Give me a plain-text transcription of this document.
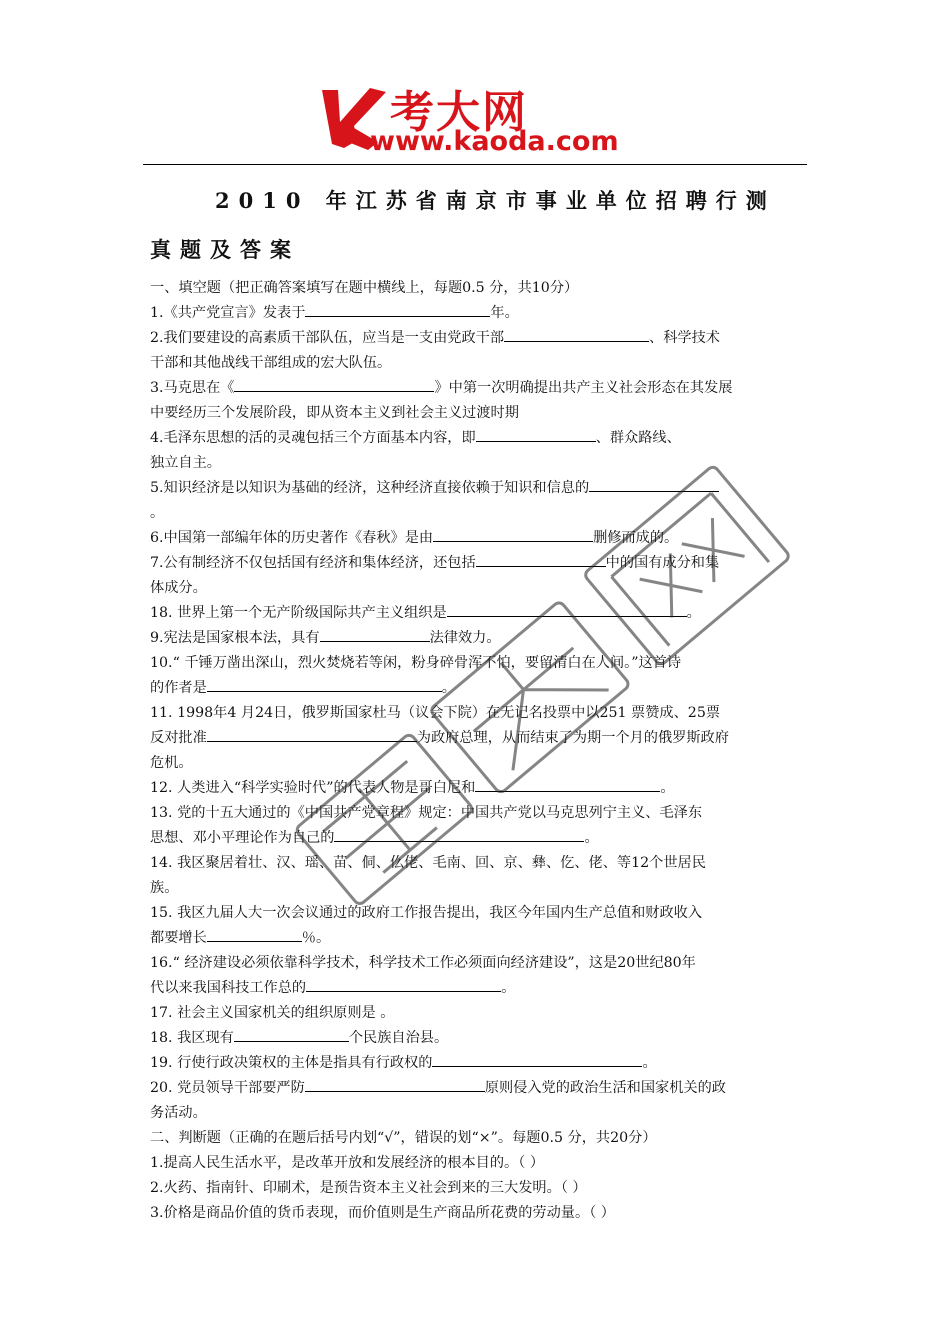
考大网
www.kaoda.com
2010 年江苏省南京市事业单位招聘行测
真题及答案
一、填空题（把正确答案填写在题中横线上，每题0.5 分，共10分）
1.《共产党宣言》发表于	年。
2.我们要建设的高素质干部队伍，应当是一支由党政干部	、科学技术
干部和其他战线干部组成的宏大队伍。
3.马克思在《	》中第一次明确提出共产主义社会形态在其发展
中要经历三个发展阶段，即从资本主义到社会主义过渡时期
4.毛泽东思想的活的灵魂包括三个方面基本内容，即	、群众路线、
独立自主。
5.知识经济是以知识为基础的经济，这种经济直接依赖于知识和信息的
。
6.中国第一部编年体的历史著作《春秋》是由	删修而成的。
7.公有制经济不仅包括国有经济和集体经济，还包括	中的国有成分和集
体成分。
18. 世界上第一个无产阶级国际共产主义组织是	。
9.宪法是国家根本法，具有	法律效力。
10.“ 千锤万凿出深山，烈火焚烧若等闲，粉身碎骨浑不怕，要留清白在人间。”这首诗
的作者是	。
11. 1998年4 月24日，俄罗斯国家杜马（议会下院）在无记名投票中以251 票赞成、25票
反对批准	为政府总理，从而结束了为期一个月的俄罗斯政府
危机。
12. 人类进入“科学实验时代”的代表人物是哥白尼和	。
13. 党的十五大通过的《中国共产党章程》规定：中国共产党以马克思列宁主义、毛泽东
思想、邓小平理论作为自己的	。
14. 我区聚居着壮、汉、瑶、苗、侗、仫佬、毛南、回、京、彝、仡、佬、等12个世居民
族。
15. 我区九届人大一次会议通过的政府工作报告提出，我区今年国内生产总值和财政收入
都要增长	％。
16.“ 经济建设必须依靠科学技术，科学技术工作必须面向经济建设”，这是20世纪80年
代以来我国科技工作总的	。
17. 社会主义国家机关的组织原则是 。
18. 我区现有	个民族自治县。
19. 行使行政决策权的主体是指具有行政权的	。
20. 党员领导干部要严防	原则侵入党的政治生活和国家机关的政
务活动。
二、判断题（正确的在题后括号内划“√”，错误的划“×”。每题0.5 分，共20分）
1.提高人民生活水平，是改革开放和发展经济的根本目的。（ ）
2.火药、指南针、印刷术，是预告资本主义社会到来的三大发明。（ ）
3.价格是商品价值的货币表现，而价值则是生产商品所花费的劳动量。（ ）
